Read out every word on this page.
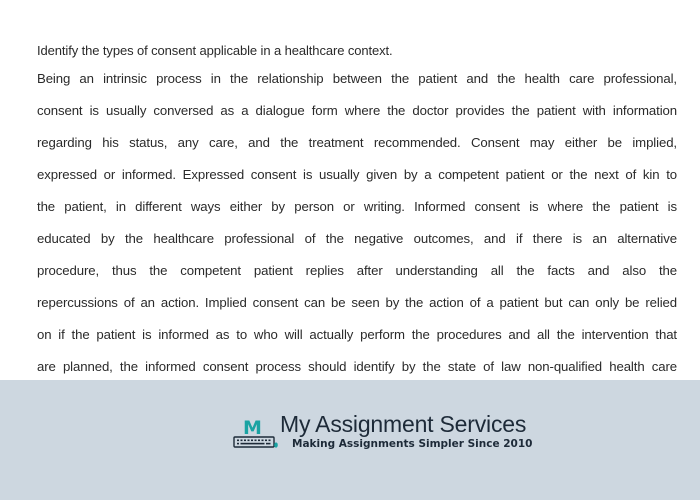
Identify the types of consent applicable in a healthcare context.

Being an intrinsic process in the relationship between the patient and the health care professional,
consent is usually conversed as a dialogue form where the doctor provides the patient with information
regarding his status, any care, and the treatment recommended. Consent may either be implied,
expressed or informed. Expressed consent is usually given by a competent patient or the next of kin to
the patient, in different ways either by person or writing. Informed consent is where the patient is
educated by the healthcare professional of the negative outcomes, and if there is an alternative
procedure, thus the competent patient replies after understanding all the facts and also the
repercussions of an action. Implied consent can be seen by the action of a patient but can only be relied
on if the patient is informed as to who will actually perform the procedures and all the intervention that
are planned, the informed consent process should identify by the state of law non-qualified health care
M My Assignment Services
Making Assignments Simpler Since 2010
